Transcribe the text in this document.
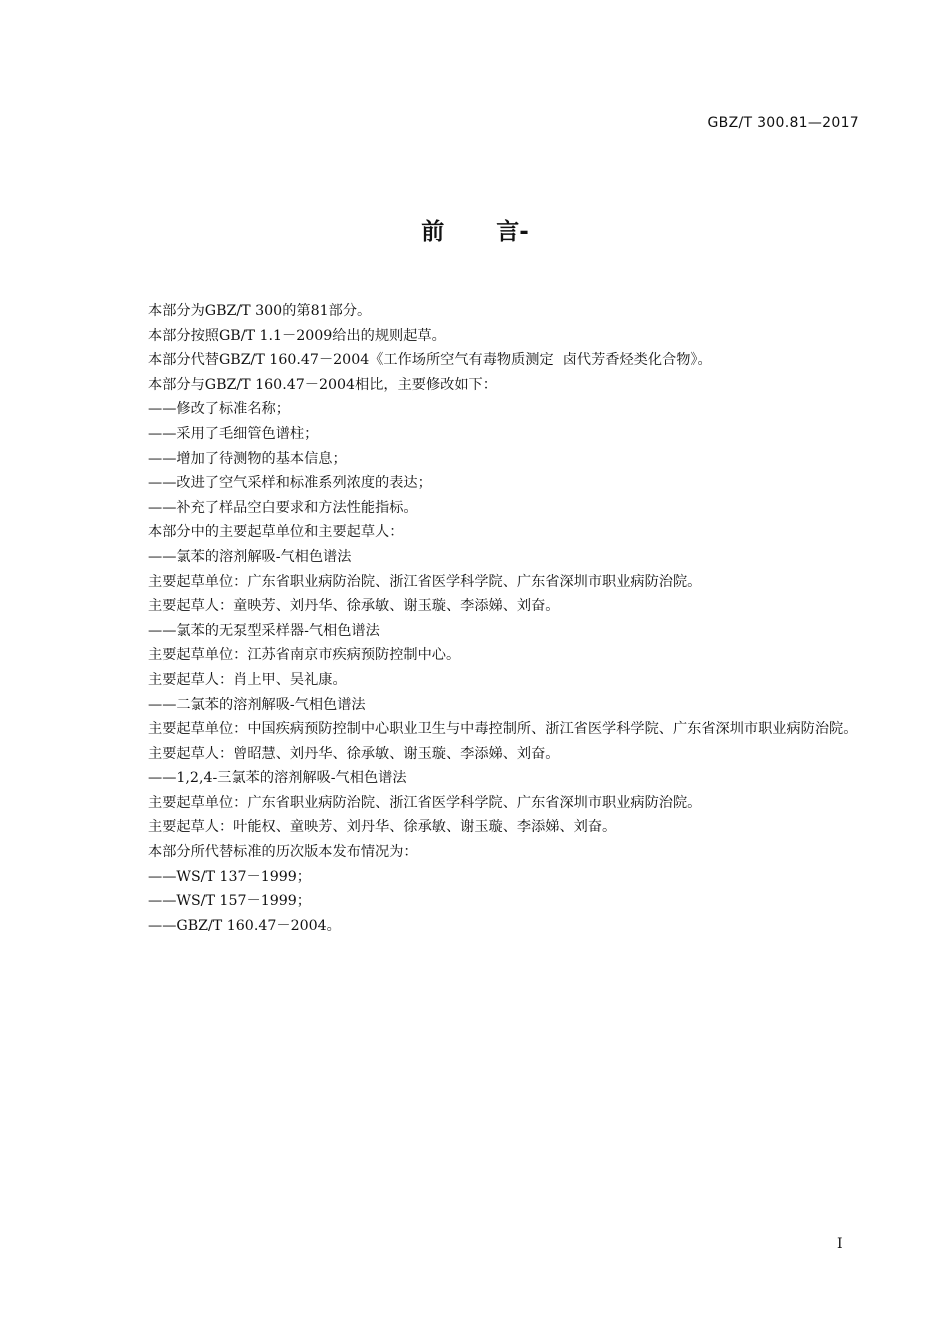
GBZ/T 300.81—2017
前 言-

本部分为GBZ/T 300的第81部分。

本部分按照GB/T 1.1－2009给出的规则起草。

本部分代替GBZ/T 160.47－2004《工作场所空气有毒物质测定  卤代芳香烃类化合物》。

本部分与GBZ/T 160.47－2004相比，主要修改如下：

——修改了标准名称；

——采用了毛细管色谱柱；

——增加了待测物的基本信息；

——改进了空气采样和标准系列浓度的表达；

——补充了样品空白要求和方法性能指标。

本部分中的主要起草单位和主要起草人：

——氯苯的溶剂解吸-气相色谱法

主要起草单位：广东省职业病防治院、浙江省医学科学院、广东省深圳市职业病防治院。

主要起草人：童映芳、刘丹华、徐承敏、谢玉璇、李添娣、刘奋。

——氯苯的无泵型采样器-气相色谱法

主要起草单位：江苏省南京市疾病预防控制中心。

主要起草人：肖上甲、吴礼康。

——二氯苯的溶剂解吸-气相色谱法

主要起草单位：中国疾病预防控制中心职业卫生与中毒控制所、浙江省医学科学院、广东省深圳市职业病防治院。

主要起草人：曾昭慧、刘丹华、徐承敏、谢玉璇、李添娣、刘奋。

——1,2,4-三氯苯的溶剂解吸-气相色谱法

主要起草单位：广东省职业病防治院、浙江省医学科学院、广东省深圳市职业病防治院。

主要起草人：叶能权、童映芳、刘丹华、徐承敏、谢玉璇、李添娣、刘奋。

本部分所代替标准的历次版本发布情况为：

——WS/T 137－1999；

——WS/T 157－1999；

——GBZ/T 160.47－2004。

I
